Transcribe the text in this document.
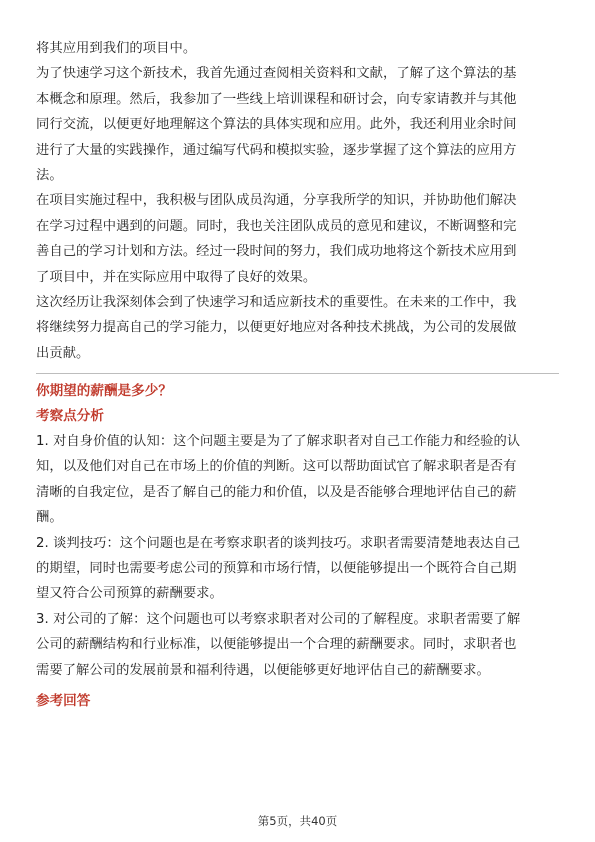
将其应用到我们的项目中。

为了快速学习这个新技术，我首先通过查阅相关资料和文献，了解了这个算法的基
本概念和原理。然后，我参加了一些线上培训课程和研讨会，向专家请教并与其他
同行交流，以便更好地理解这个算法的具体实现和应用。此外，我还利用业余时间
进行了大量的实践操作，通过编写代码和模拟实验，逐步掌握了这个算法的应用方
法。

在项目实施过程中，我积极与团队成员沟通，分享我所学的知识，并协助他们解决
在学习过程中遇到的问题。同时，我也关注团队成员的意见和建议，不断调整和完
善自己的学习计划和方法。经过一段时间的努力，我们成功地将这个新技术应用到
了项目中，并在实际应用中取得了良好的效果。

这次经历让我深刻体会到了快速学习和适应新技术的重要性。在未来的工作中，我
将继续努力提高自己的学习能力，以便更好地应对各种技术挑战，为公司的发展做
出贡献。

你期望的薪酬是多少？

考察点分析

1. 对自身价值的认知：这个问题主要是为了了解求职者对自己工作能力和经验的认
知，以及他们对自己在市场上的价值的判断。这可以帮助面试官了解求职者是否有
清晰的自我定位，是否了解自己的能力和价值，以及是否能够合理地评估自己的薪
酬。

2. 谈判技巧：这个问题也是在考察求职者的谈判技巧。求职者需要清楚地表达自己
的期望，同时也需要考虑公司的预算和市场行情，以便能够提出一个既符合自己期
望又符合公司预算的薪酬要求。

3. 对公司的了解：这个问题也可以考察求职者对公司的了解程度。求职者需要了解
公司的薪酬结构和行业标准，以便能够提出一个合理的薪酬要求。同时，求职者也
需要了解公司的发展前景和福利待遇，以便能够更好地评估自己的薪酬要求。

参考回答

第5页，共40页
